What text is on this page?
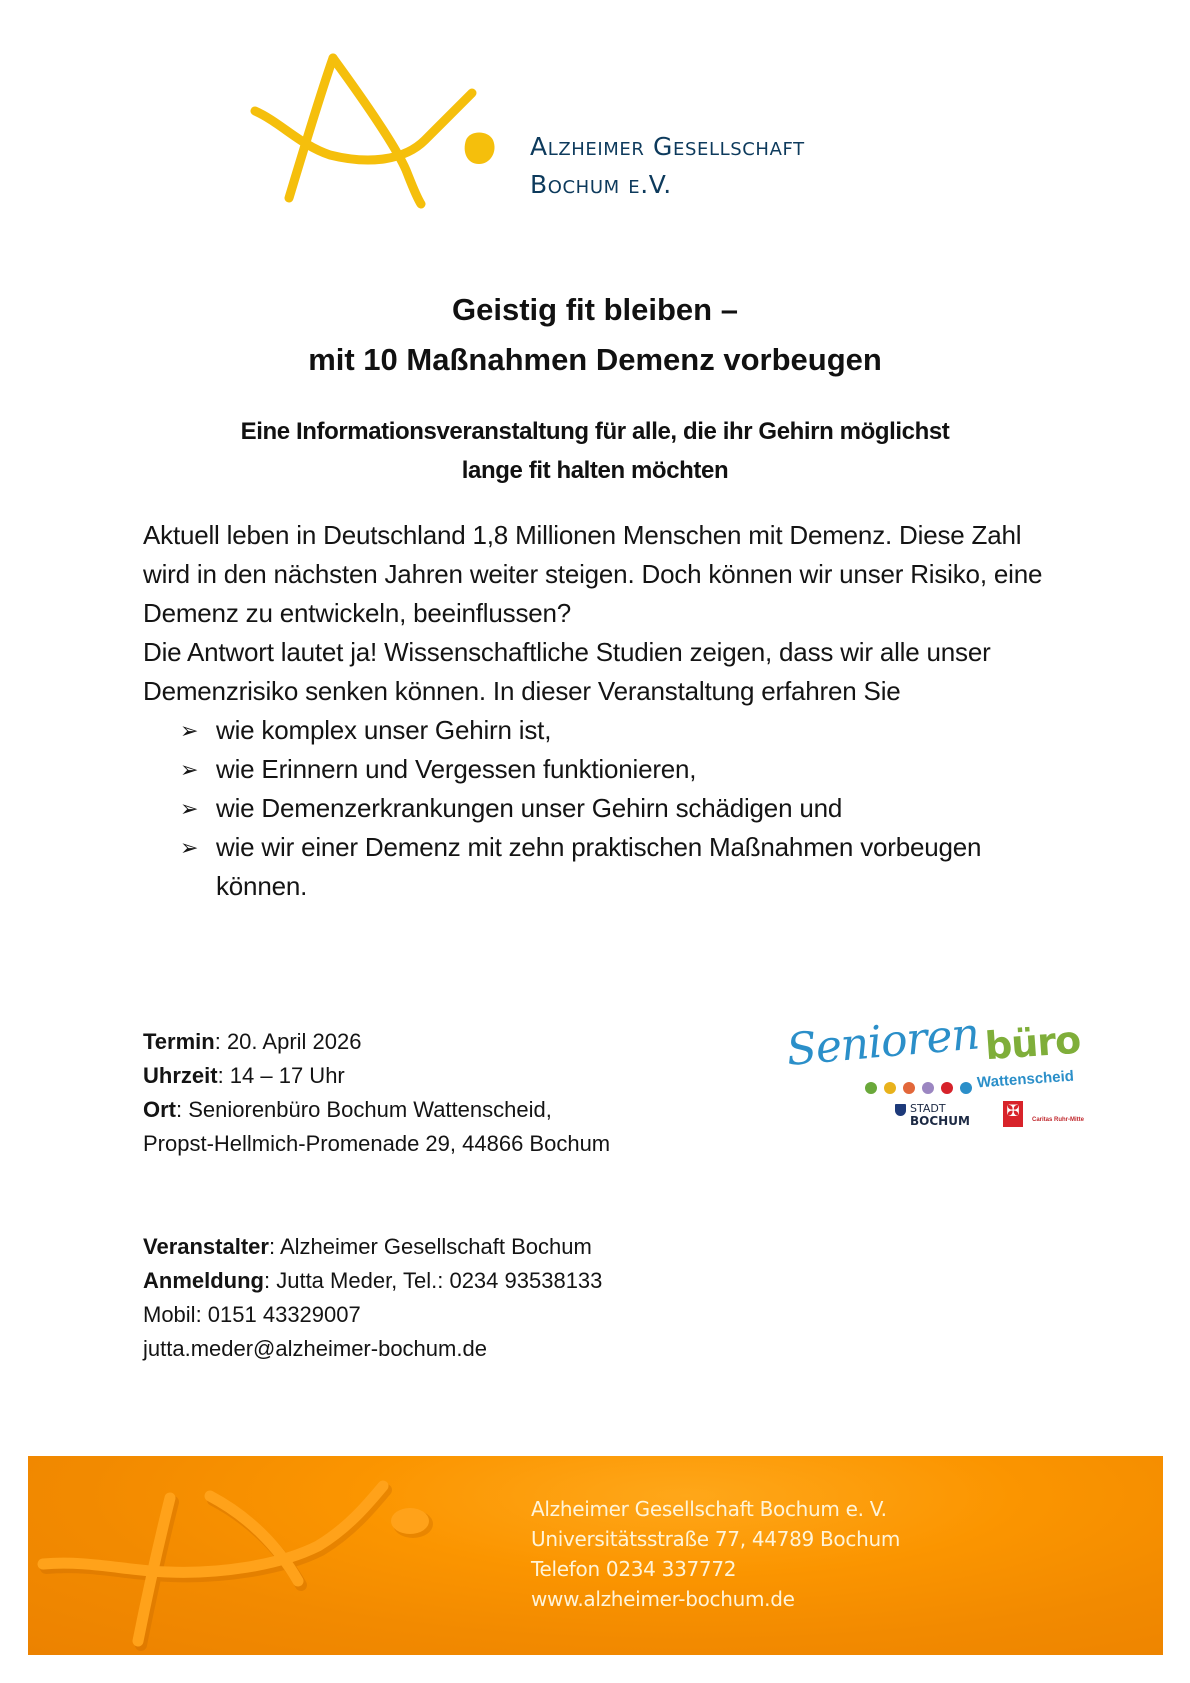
Alzheimer Gesellschaft
Bochum e.V.
Geistig fit bleiben –
mit 10 Maßnahmen Demenz vorbeugen
Eine Informationsveranstaltung für alle, die ihr Gehirn möglichst
lange fit halten möchten

Aktuell leben in Deutschland 1,8 Millionen Menschen mit Demenz. Diese Zahl wird in den nächsten Jahren weiter steigen. Doch können wir unser Risiko, eine Demenz zu entwickeln, beeinflussen?

Die Antwort lautet ja! Wissenschaftliche Studien zeigen, dass wir alle unser Demenzrisiko senken können. In dieser Veranstaltung erfahren Sie

➢ wie komplex unser Gehirn ist,
➢ wie Erinnern und Vergessen funktionieren,
➢ wie Demenzerkrankungen unser Gehirn schädigen und
➢ wie wir einer Demenz mit zehn praktischen Maßnahmen vorbeugen können.
Termin: 20. April 2026
Uhrzeit: 14 – 17 Uhr
Ort: Seniorenbüro Bochum Wattenscheid,
Propst-Hellmich-Promenade 29, 44866 Bochum
Senioren büro
Wattenscheid
STADT
BOCHUM
✠	Caritas Ruhr-Mitte
Veranstalter: Alzheimer Gesellschaft Bochum
Anmeldung: Jutta Meder, Tel.: 0234 93538133
Mobil: 0151 43329007
jutta.meder@alzheimer-bochum.de
Alzheimer Gesellschaft Bochum e. V.
Universitätsstraße 77, 44789 Bochum
Telefon 0234 337772
www.alzheimer-bochum.de
